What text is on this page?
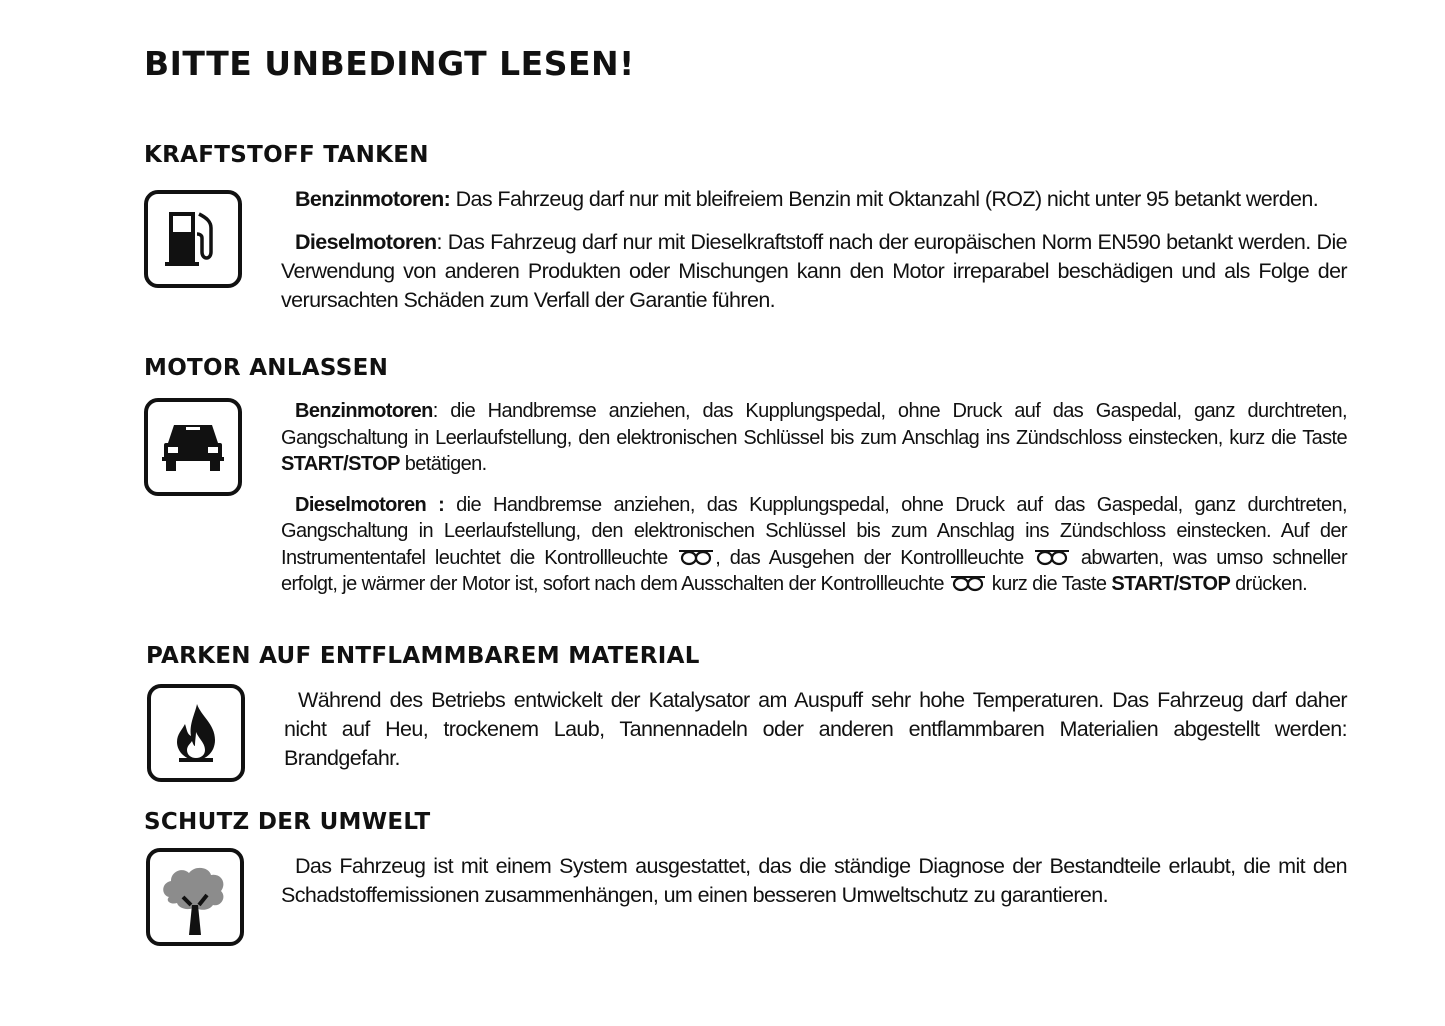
BITTE UNBEDINGT LESEN!
KRAFTSTOFF TANKEN

Benzinmotoren: Das Fahrzeug darf nur mit bleifreiem Benzin mit Oktanzahl (ROZ) nicht unter 95 betankt werden.

Dieselmotoren: Das Fahrzeug darf nur mit Dieselkraftstoff nach der europäischen Norm EN590 betankt werden. Die Verwendung von anderen Produkten oder Mischungen kann den Motor irreparabel beschädigen und als Folge der verursachten Schäden zum Verfall der Garantie führen.

MOTOR ANLASSEN

Benzinmotoren: die Handbremse anziehen, das Kupplungspedal, ohne Druck auf das Gaspedal, ganz durchtreten, Gangschaltung in Leerlaufstellung, den elektronischen Schlüssel bis zum Anschlag ins Zündschloss einstecken, kurz die Taste START/STOP betätigen.

Dieselmotoren : die Handbremse anziehen, das Kupplungspedal, ohne Druck auf das Gaspedal, ganz durchtreten, Gangschaltung in Leerlaufstellung, den elektronischen Schlüssel bis zum Anschlag ins Zündschloss einstecken. Auf der Instrumententafel leuchtet die Kontrollleuchte , das Ausgehen der Kontrollleuchte  abwarten, was umso schneller erfolgt, je wärmer der Motor ist, sofort nach dem Ausschalten der Kontrollleuchte  kurz die Taste START/STOP drücken.

PARKEN AUF ENTFLAMMBAREM MATERIAL

Während des Betriebs entwickelt der Katalysator am Auspuff sehr hohe Temperaturen. Das Fahrzeug darf daher nicht auf Heu, trockenem Laub, Tannennadeln oder anderen entflammbaren Materialien abgestellt werden: Brandgefahr.

SCHUTZ DER UMWELT

Das Fahrzeug ist mit einem System ausgestattet, das die ständige Diagnose der Bestandteile erlaubt, die mit den Schadstoffemissionen zusammenhängen, um einen besseren Umweltschutz zu garantieren.
